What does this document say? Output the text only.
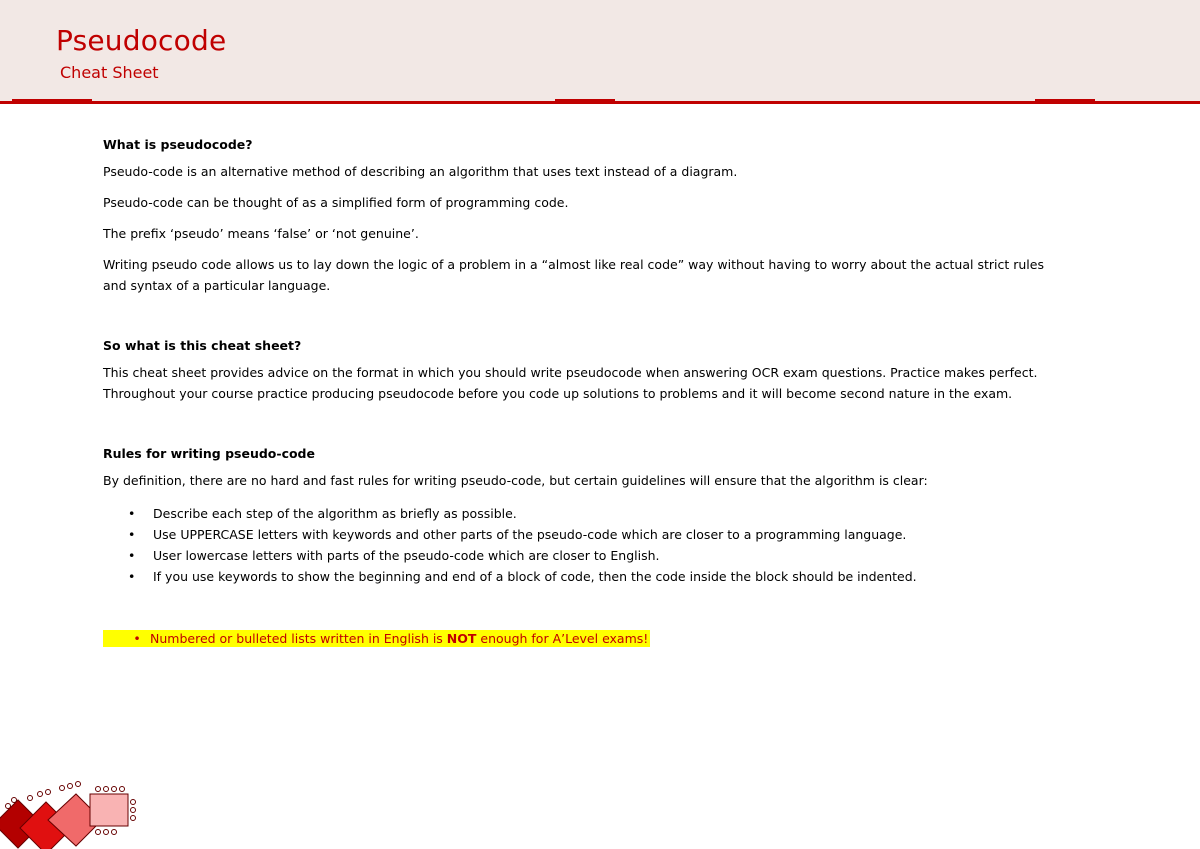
Pseudocode
Cheat Sheet
What is pseudocode?

Pseudo-code is an alternative method of describing an algorithm that uses text instead of a diagram.

Pseudo-code can be thought of as a simplified form of programming code.

The prefix ‘pseudo’ means ‘false’ or ‘not genuine’.

Writing pseudo code allows us to lay down the logic of a problem in a “almost like real code” way without having to worry about the actual strict rules and syntax of a particular language.

So what is this cheat sheet?

This cheat sheet provides advice on the format in which you should write pseudocode when answering OCR exam questions. Practice makes perfect. Throughout your course practice producing pseudocode before you code up solutions to problems and it will become second nature in the exam.

Rules for writing pseudo-code

By definition, there are no hard and fast rules for writing pseudo-code, but certain guidelines will ensure that the algorithm is clear:

• Describe each step of the algorithm as briefly as possible.
• Use UPPERCASE letters with keywords and other parts of the pseudo-code which are closer to a programming language.
• User lowercase letters with parts of the pseudo-code which are closer to English.
• If you use keywords to show the beginning and end of a block of code, then the code inside the block should be indented.
• Numbered or bulleted lists written in English is NOT enough for A’Level exams!
